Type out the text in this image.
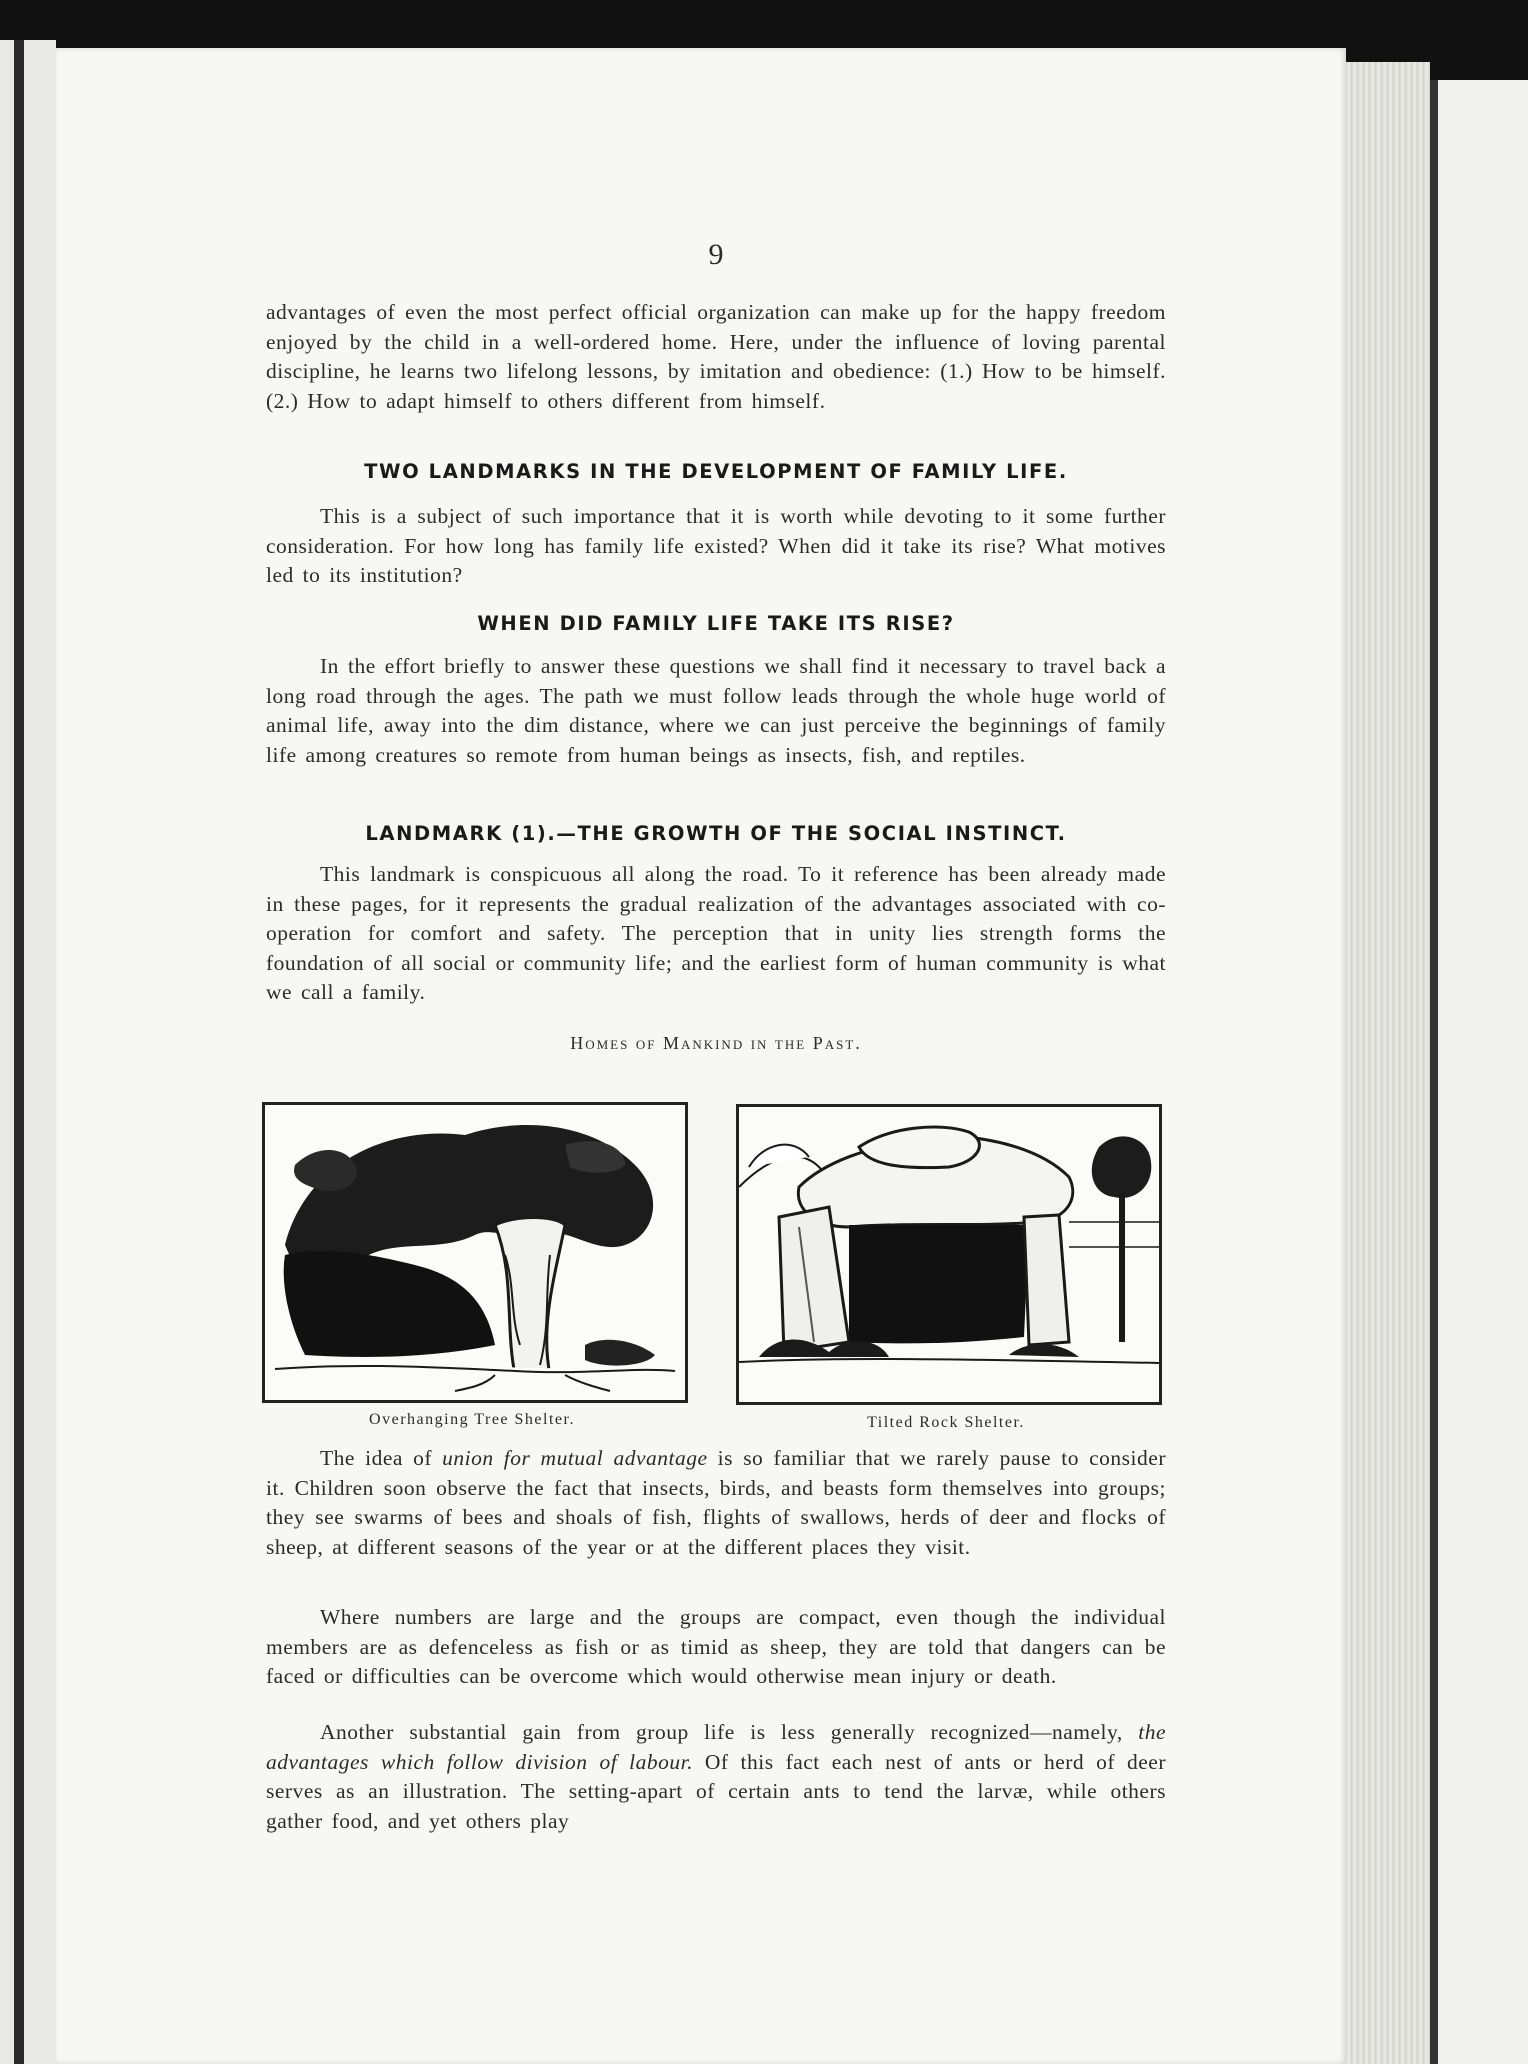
9

advantages of even the most perfect official organization can make up for the happy freedom enjoyed by the child in a well-ordered home. Here, under the influence of loving parental discipline, he learns two lifelong lessons, by imitation and obedience: (1.) How to be himself. (2.) How to adapt himself to others different from himself.

TWO LANDMARKS IN THE DEVELOPMENT OF FAMILY LIFE.

This is a subject of such importance that it is worth while devoting to it some further consideration. For how long has family life existed? When did it take its rise? What motives led to its institution?

WHEN DID FAMILY LIFE TAKE ITS RISE?

In the effort briefly to answer these questions we shall find it necessary to travel back a long road through the ages. The path we must follow leads through the whole huge world of animal life, away into the dim distance, where we can just perceive the beginnings of family life among creatures so remote from human beings as insects, fish, and reptiles.

LANDMARK (1).—THE GROWTH OF THE SOCIAL INSTINCT.

This landmark is conspicuous all along the road. To it reference has been already made in these pages, for it represents the gradual realization of the advantages associated with co-operation for comfort and safety. The perception that in unity lies strength forms the foundation of all social or community life; and the earliest form of human community is what we call a family.

Homes of Mankind in the Past.
Overhanging Tree Shelter.	Tilted Rock Shelter.

The idea of union for mutual advantage is so familiar that we rarely pause to consider it. Children soon observe the fact that insects, birds, and beasts form themselves into groups; they see swarms of bees and shoals of fish, flights of swallows, herds of deer and flocks of sheep, at different seasons of the year or at the different places they visit.

Where numbers are large and the groups are compact, even though the individual members are as defenceless as fish or as timid as sheep, they are told that dangers can be faced or difficulties can be overcome which would otherwise mean injury or death.

Another substantial gain from group life is less generally recognized—namely, the advantages which follow division of labour. Of this fact each nest of ants or herd of deer serves as an illustration. The setting-apart of certain ants to tend the larvæ, while others gather food, and yet others play
